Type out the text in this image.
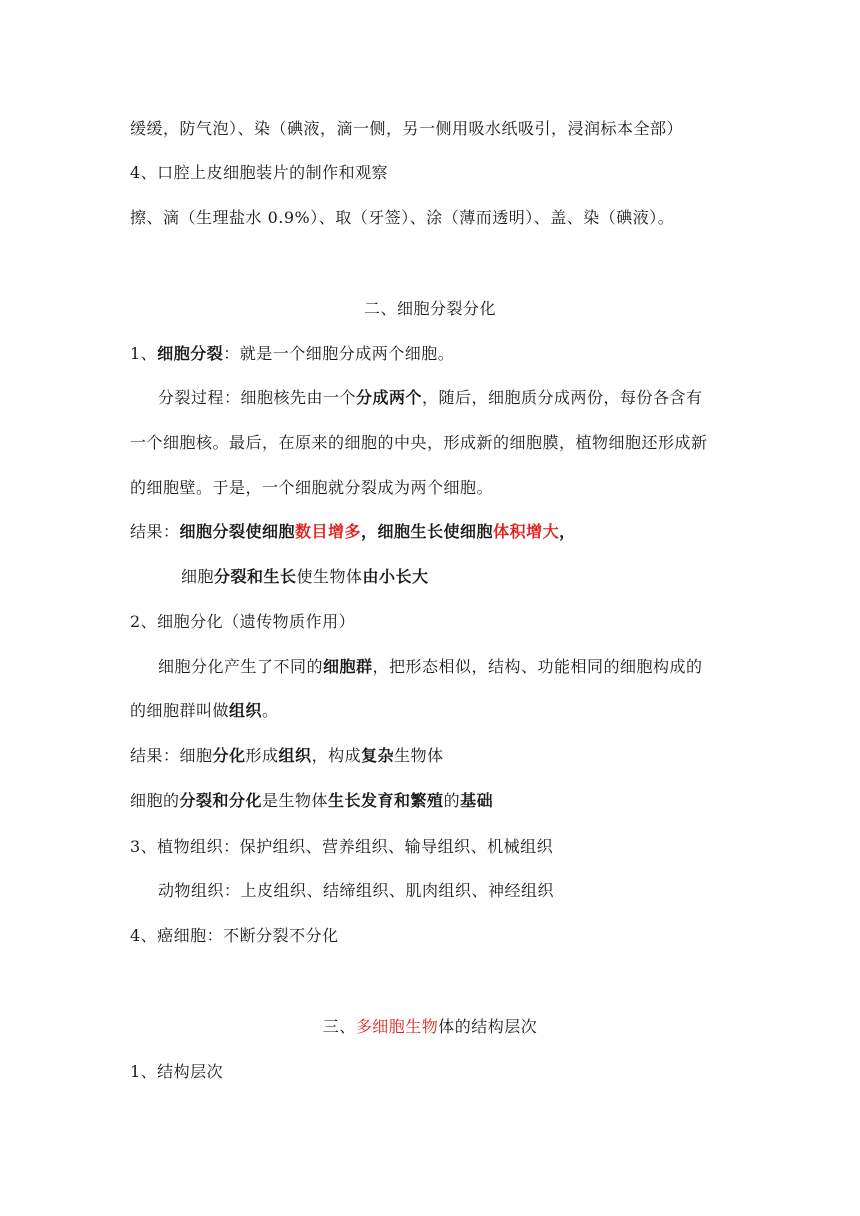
缓缓，防气泡）、染（碘液，滴一侧，另一侧用吸水纸吸引，浸润标本全部）
4、口腔上皮细胞装片的制作和观察
擦、滴（生理盐水 0.9%）、取（牙签）、涂（薄而透明）、盖、染（碘液）。
二、细胞分裂分化
1、细胞分裂：就是一个细胞分成两个细胞。
分裂过程：细胞核先由一个分成两个，随后，细胞质分成两份，每份各含有
一个细胞核。最后，在原来的细胞的中央，形成新的细胞膜，植物细胞还形成新
的细胞壁。于是，一个细胞就分裂成为两个细胞。
结果：细胞分裂使细胞数目增多，细胞生长使细胞体积增大，
细胞分裂和生长使生物体由小长大
2、细胞分化（遗传物质作用）
细胞分化产生了不同的细胞群，把形态相似，结构、功能相同的细胞构成的
的细胞群叫做组织。
结果：细胞分化形成组织，构成复杂生物体
细胞的分裂和分化是生物体生长发育和繁殖的基础
3、植物组织：保护组织、营养组织、输导组织、机械组织
动物组织：上皮组织、结缔组织、肌肉组织、神经组织
4、癌细胞：不断分裂不分化
三、多细胞生物体的结构层次
1、结构层次
